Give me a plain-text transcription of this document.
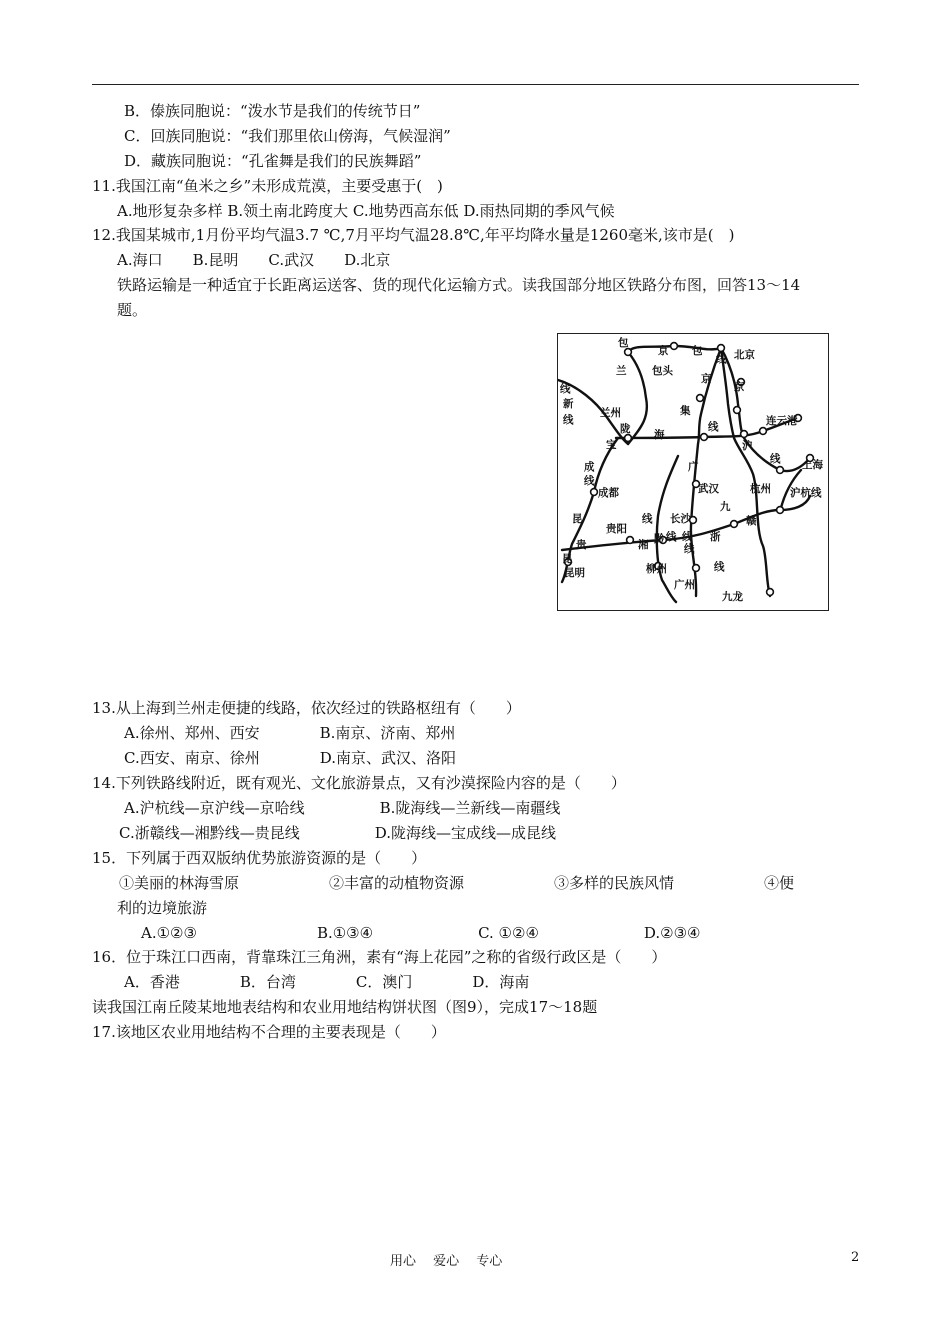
B．傣族同胞说：“泼水节是我们的传统节日”
C．回族同胞说：“我们那里依山傍海，气候湿润”
D．藏族同胞说：“孔雀舞是我们的民族舞蹈”
11.我国江南“鱼米之乡”未形成荒漠，主要受惠于(　)
A.地形复杂多样 B.领土南北跨度大 C.地势西高东低 D.雨热同期的季风气候
12.我国某城市,1月份平均气温3.7 ℃,7月平均气温28.8℃,年平均降水量是1260毫米,该市是(　)
A.海口　　B.昆明　　C.武汉　　D.北京
铁路运输是一种适宜于长距离运送客、货的现代化运输方式。读我国部分地区铁路分布图，回答13～14
题。
包
京 包
线 北京
包头
京
兰
线
新
兰州
线
集
陇 海
京
连云港
宝
线
沪
广
线 上海
成
线
武汉	杭州 沪杭线
成都
九
昆
贵阳
线 长沙
线
赣
湘 黔 线 浙
贵
昆
昆明	柳州
广州
线
线
九龙
13.从上海到兰州走便捷的线路，依次经过的铁路枢纽有（　　）
A.徐州、郑州、西安　　　　B.南京、济南、郑州
C.西安、南京、徐州　　　　D.南京、武汉、洛阳
14.下列铁路线附近，既有观光、文化旅游景点，又有沙漠探险内容的是（　　）
A.沪杭线—京沪线—京哈线　　　　　B.陇海线—兰新线—南疆线
C.浙赣线—湘黔线—贵昆线　　　　　D.陇海线—宝成线—成昆线
15．下列属于西双版纳优势旅游资源的是（　　）
①美丽的林海雪原　　　　　　②丰富的动植物资源　　　　　　③多样的民族风情　　　　　　④便
利的边境旅游
A.①②③　　　　　　　　B.①③④　　　　　　　C. ①②④　　　　　　　D.②③④
16．位于珠江口西南，背靠珠江三角洲，素有“海上花园”之称的省级行政区是（　　）
A．香港　　　　B．台湾　　　　C．澳门　　　　D．海南
读我国江南丘陵某地地表结构和农业用地结构饼状图（图9），完成17～18题
17.该地区农业用地结构不合理的主要表现是（　　）
用心　 爱心　 专心	2
